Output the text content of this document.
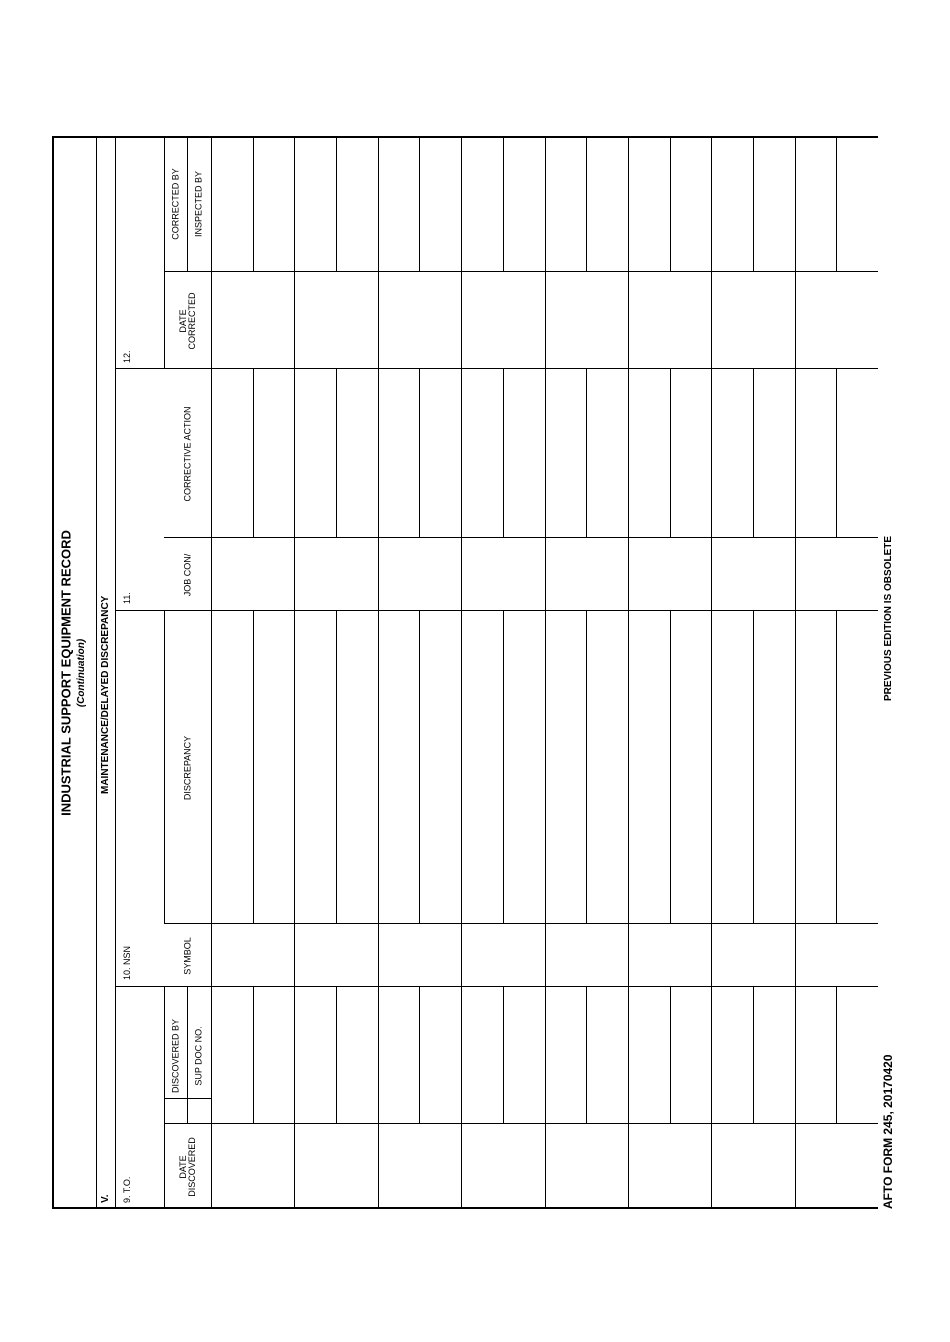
INDUSTRIAL SUPPORT EQUIPMENT RECORD (Continuation)
V.
MAINTENANCE/DELAYED DISCREPANCY
9. T.O.
10. NSN
11.
12.
DATE DISCOVERED
DISCOVERED BY SUP DOC NO.
SYMBOL
DISCREPANCY
JOB CON/
CORRECTIVE ACTION
DATE CORRECTED
CORRECTED BY INSPECTED BY
AFTO FORM 245, 20170420
PREVIOUS EDITION IS OBSOLETE
